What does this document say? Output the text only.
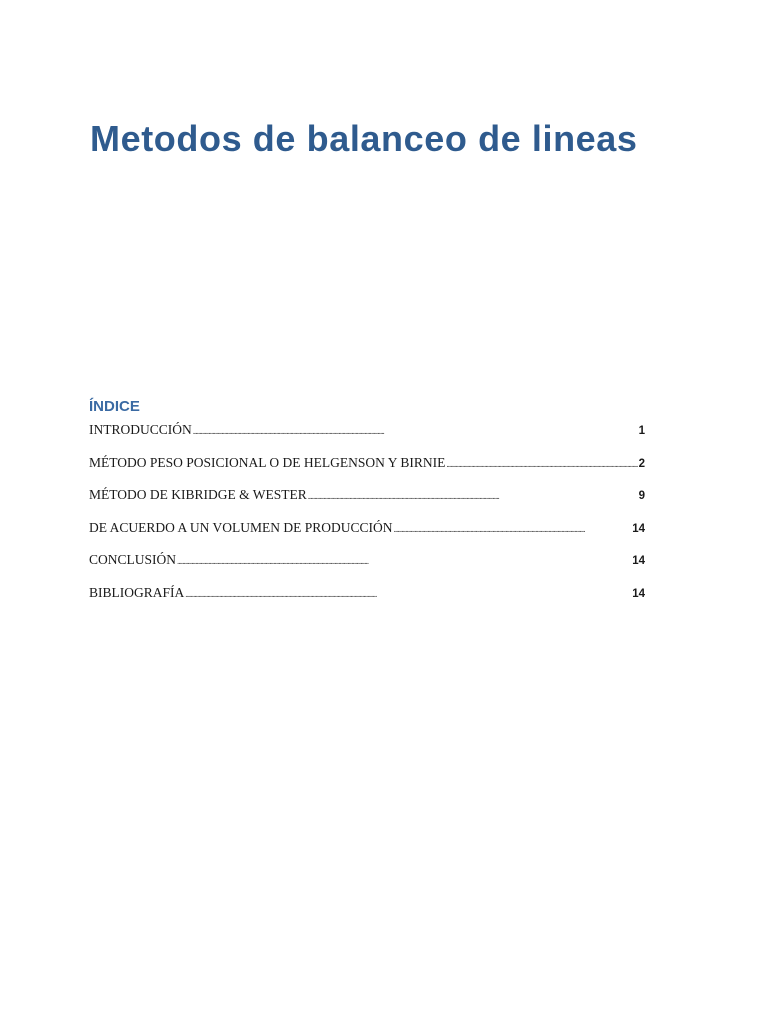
Metodos de balanceo de lineas
ÍNDICE
INTRODUCCIÓN . . .	1
MÉTODO PESO POSICIONAL O DE HELGENSON Y BIRNIE . . .	2
MÉTODO DE KIBRIDGE & WESTER . . .	9
DE ACUERDO A UN VOLUMEN DE PRODUCCIÓN . . .	14
CONCLUSIÓN . . .	14
BIBLIOGRAFÍA . . .	14
